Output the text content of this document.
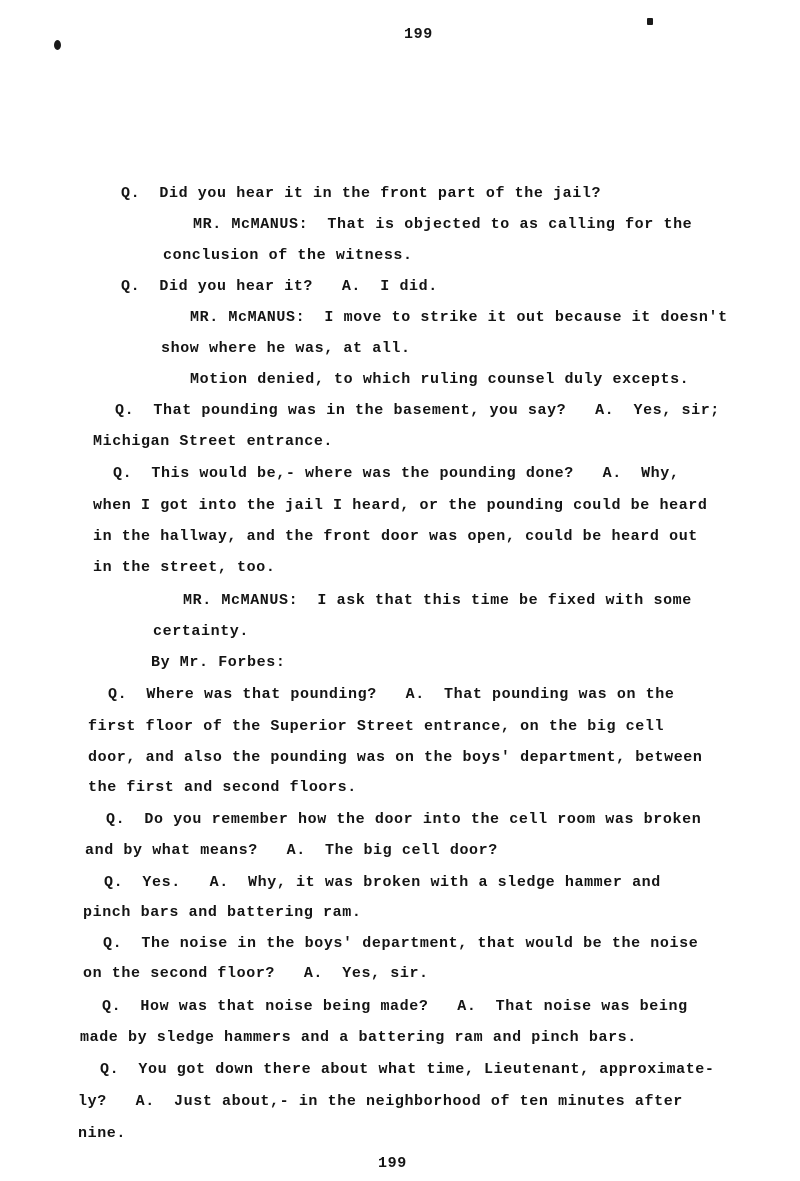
199
Q.  Did you hear it in the front part of the jail?
MR. McMANUS:  That is objected to as calling for the
conclusion of the witness.
Q.  Did you hear it?   A.  I did.
MR. McMANUS:  I move to strike it out because it doesn't
show where he was, at all.
Motion denied, to which ruling counsel duly excepts.
Q.  That pounding was in the basement, you say?   A.  Yes, sir;
Michigan Street entrance.
Q.  This would be,- where was the pounding done?   A.  Why,
when I got into the jail I heard, or the pounding could be heard
in the hallway, and the front door was open, could be heard out
in the street, too.
MR. McMANUS:  I ask that this time be fixed with some
certainty.
By Mr. Forbes:
Q.  Where was that pounding?   A.  That pounding was on the
first floor of the Superior Street entrance, on the big cell
door, and also the pounding was on the boys' department, between
the first and second floors.
Q.  Do you remember how the door into the cell room was broken
and by what means?   A.  The big cell door?
Q.  Yes.   A.  Why, it was broken with a sledge hammer and
pinch bars and battering ram.
Q.  The noise in the boys' department, that would be the noise
on the second floor?   A.  Yes, sir.
Q.  How was that noise being made?   A.  That noise was being
made by sledge hammers and a battering ram and pinch bars.
Q.  You got down there about what time, Lieutenant, approximate-
ly?   A.  Just about,- in the neighborhood of ten minutes after
nine.
199
